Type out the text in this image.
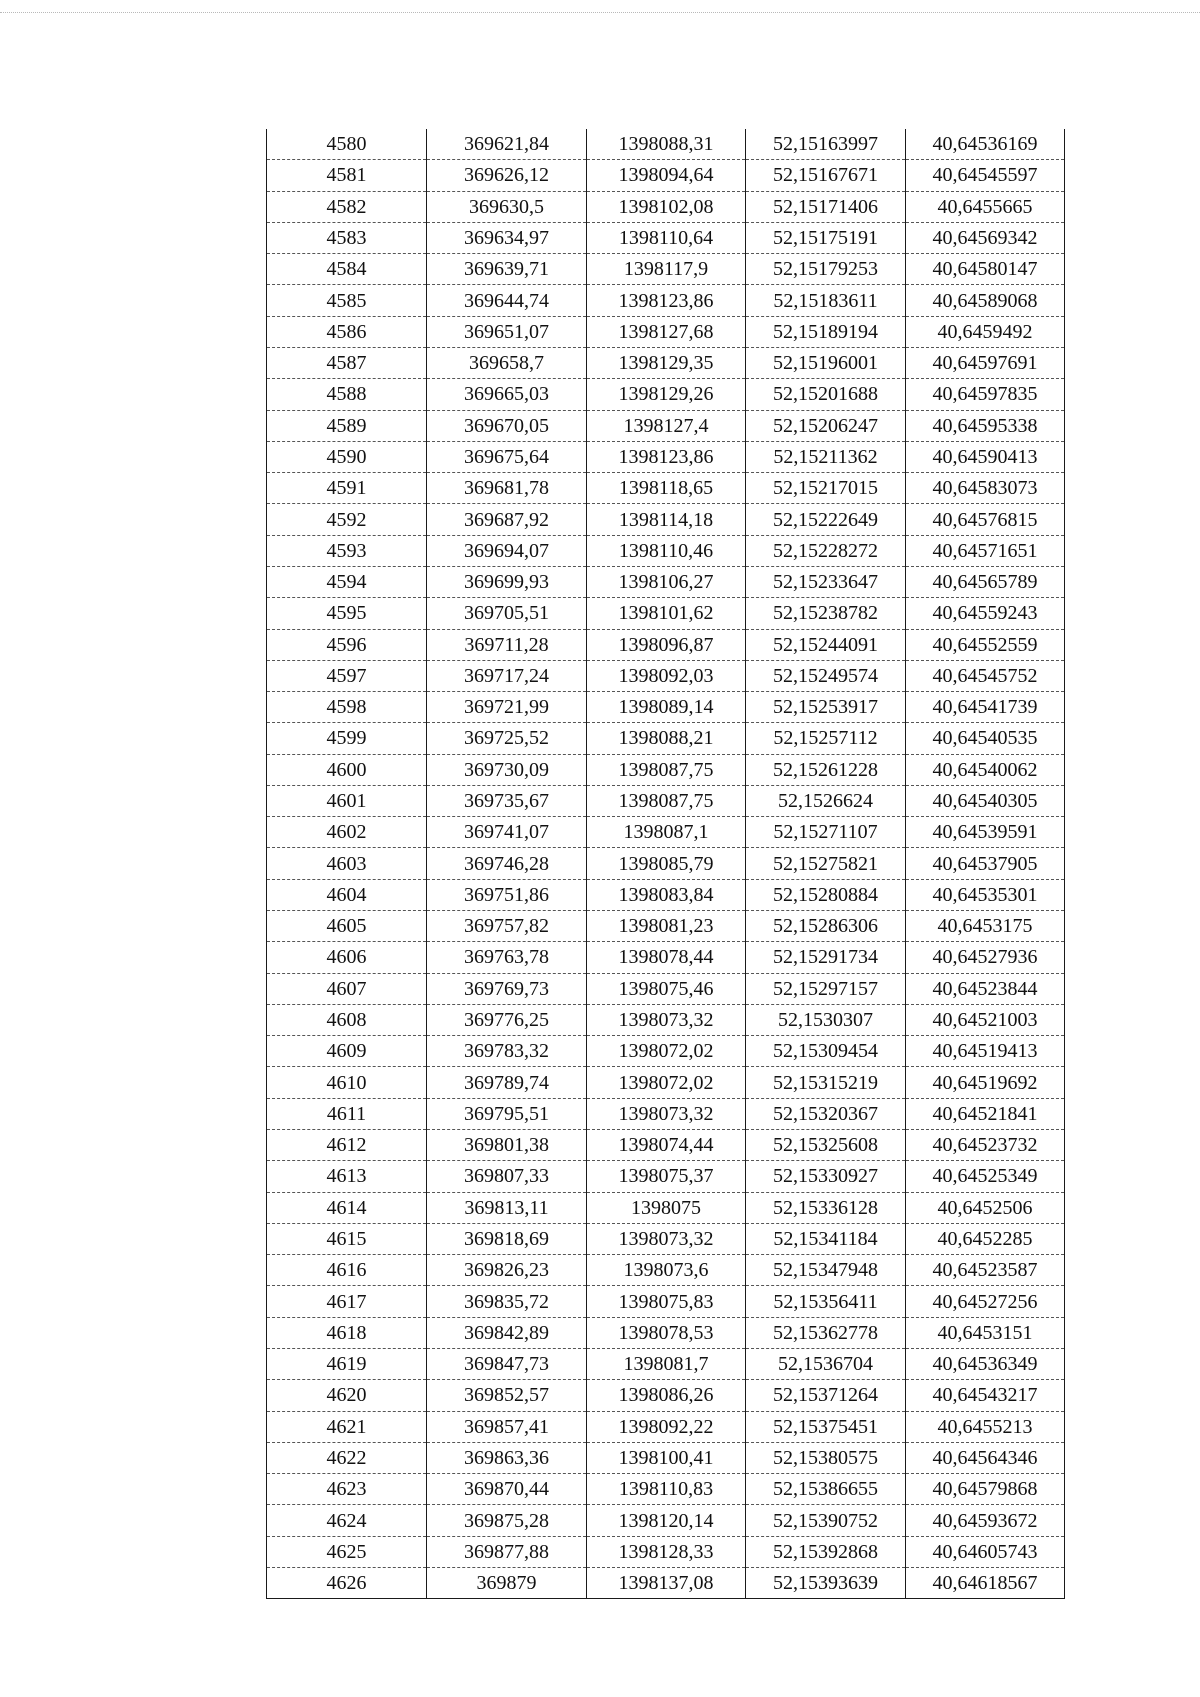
4580	369621,84	1398088,31	52,15163997	40,64536169
4581	369626,12	1398094,64	52,15167671	40,64545597
4582	369630,5	1398102,08	52,15171406	40,6455665
4583	369634,97	1398110,64	52,15175191	40,64569342
4584	369639,71	1398117,9	52,15179253	40,64580147
4585	369644,74	1398123,86	52,15183611	40,64589068
4586	369651,07	1398127,68	52,15189194	40,6459492
4587	369658,7	1398129,35	52,15196001	40,64597691
4588	369665,03	1398129,26	52,15201688	40,64597835
4589	369670,05	1398127,4	52,15206247	40,64595338
4590	369675,64	1398123,86	52,15211362	40,64590413
4591	369681,78	1398118,65	52,15217015	40,64583073
4592	369687,92	1398114,18	52,15222649	40,64576815
4593	369694,07	1398110,46	52,15228272	40,64571651
4594	369699,93	1398106,27	52,15233647	40,64565789
4595	369705,51	1398101,62	52,15238782	40,64559243
4596	369711,28	1398096,87	52,15244091	40,64552559
4597	369717,24	1398092,03	52,15249574	40,64545752
4598	369721,99	1398089,14	52,15253917	40,64541739
4599	369725,52	1398088,21	52,15257112	40,64540535
4600	369730,09	1398087,75	52,15261228	40,64540062
4601	369735,67	1398087,75	52,1526624	40,64540305
4602	369741,07	1398087,1	52,15271107	40,64539591
4603	369746,28	1398085,79	52,15275821	40,64537905
4604	369751,86	1398083,84	52,15280884	40,64535301
4605	369757,82	1398081,23	52,15286306	40,6453175
4606	369763,78	1398078,44	52,15291734	40,64527936
4607	369769,73	1398075,46	52,15297157	40,64523844
4608	369776,25	1398073,32	52,1530307	40,64521003
4609	369783,32	1398072,02	52,15309454	40,64519413
4610	369789,74	1398072,02	52,15315219	40,64519692
4611	369795,51	1398073,32	52,15320367	40,64521841
4612	369801,38	1398074,44	52,15325608	40,64523732
4613	369807,33	1398075,37	52,15330927	40,64525349
4614	369813,11	1398075	52,15336128	40,6452506
4615	369818,69	1398073,32	52,15341184	40,6452285
4616	369826,23	1398073,6	52,15347948	40,64523587
4617	369835,72	1398075,83	52,15356411	40,64527256
4618	369842,89	1398078,53	52,15362778	40,6453151
4619	369847,73	1398081,7	52,1536704	40,64536349
4620	369852,57	1398086,26	52,15371264	40,64543217
4621	369857,41	1398092,22	52,15375451	40,6455213
4622	369863,36	1398100,41	52,15380575	40,64564346
4623	369870,44	1398110,83	52,15386655	40,64579868
4624	369875,28	1398120,14	52,15390752	40,64593672
4625	369877,88	1398128,33	52,15392868	40,64605743
4626	369879	1398137,08	52,15393639	40,64618567
